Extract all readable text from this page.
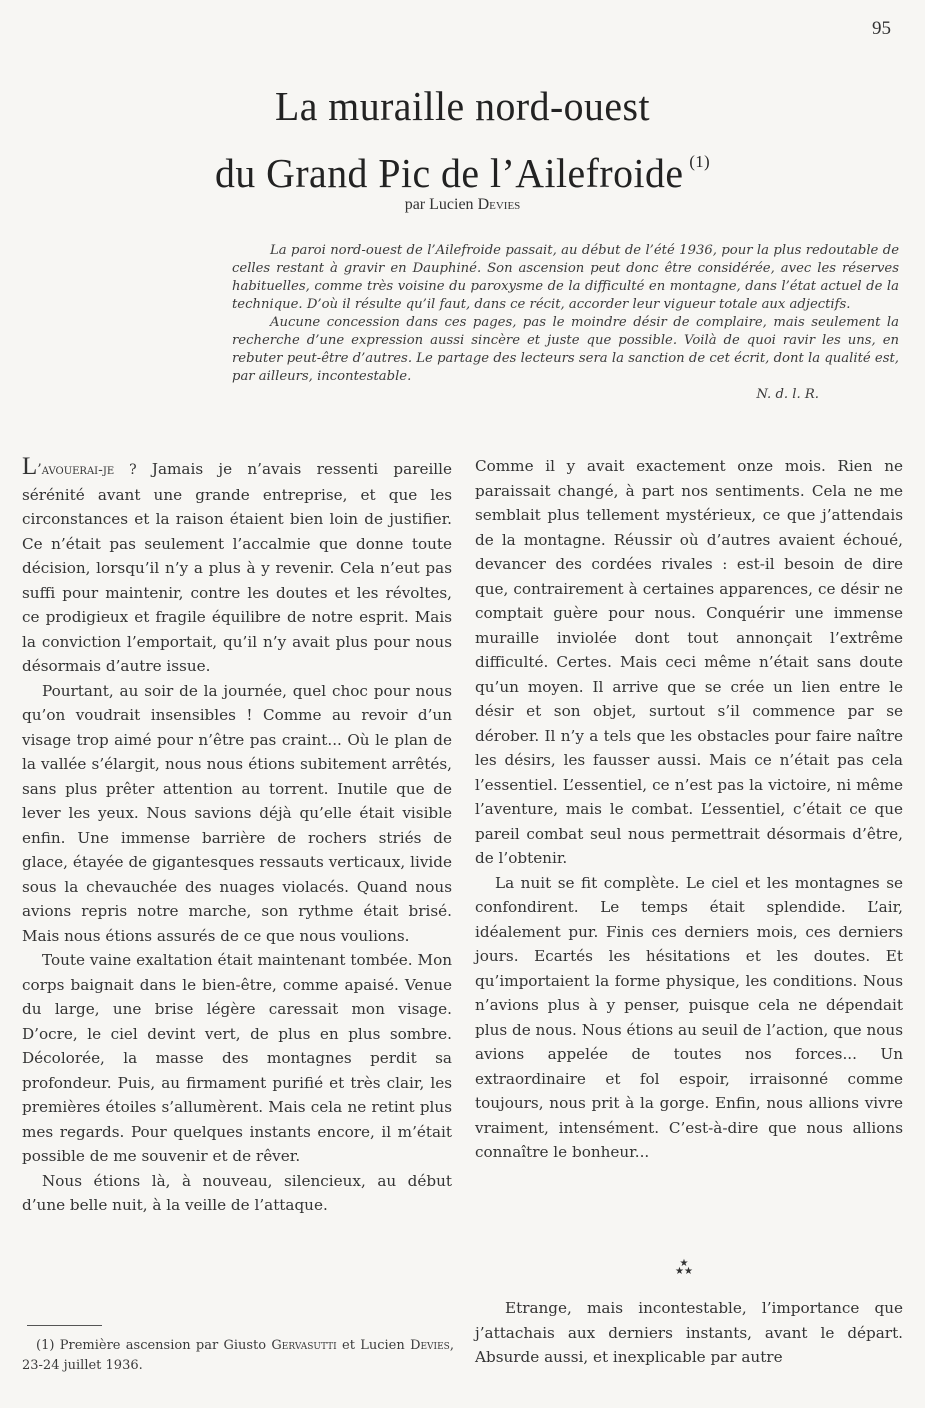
95
La muraille nord-ouest
du Grand Pic de l’Ailefroide $^{(1)}$
par Lucien Devies

La paroi nord-ouest de l’Ailefroide passait, au début de l’été 1936, pour la plus redoutable de celles restant à gravir en Dauphiné. Son ascension peut donc être considérée, avec les réserves habituelles, comme très voisine du paroxysme de la difficulté en montagne, dans l’état actuel de la technique. D’où il résulte qu’il faut, dans ce récit, accorder leur vigueur totale aux adjectifs.

Aucune concession dans ces pages, pas le moindre désir de complaire, mais seulement la recherche d’une expression aussi sincère et juste que possible. Voilà de quoi ravir les uns, en rebuter peut-être d’autres. Le partage des lecteurs sera la sanction de cet écrit, dont la qualité est, par ailleurs, incontestable.

N. d. l. R.

L’avouerai-je ? Jamais je n’avais ressenti pareille sérénité avant une grande entreprise, et que les circonstances et la raison étaient bien loin de justifier. Ce n’était pas seulement l’accalmie que donne toute décision, lorsqu’il n’y a plus à y revenir. Cela n’eut pas suffi pour maintenir, contre les doutes et les révoltes, ce prodigieux et fragile équilibre de notre esprit. Mais la conviction l’emportait, qu’il n’y avait plus pour nous désormais d’autre issue.

Pourtant, au soir de la journée, quel choc pour nous qu’on voudrait insensibles ! Comme au revoir d’un visage trop aimé pour n’être pas craint... Où le plan de la vallée s’élargit, nous nous étions subitement arrêtés, sans plus prêter attention au torrent. Inutile que de lever les yeux. Nous savions déjà qu’elle était visible enfin. Une immense barrière de rochers striés de glace, étayée de gigantesques ressauts verticaux, livide sous la chevauchée des nuages violacés. Quand nous avions repris notre marche, son rythme était brisé. Mais nous étions assurés de ce que nous voulions.

Toute vaine exaltation était maintenant tombée. Mon corps baignait dans le bien-être, comme apaisé. Venue du large, une brise légère caressait mon visage. D’ocre, le ciel devint vert, de plus en plus sombre. Décolorée, la masse des montagnes perdit sa profondeur. Puis, au firmament purifié et très clair, les premières étoiles s’allumèrent. Mais cela ne retint plus mes regards. Pour quelques instants encore, il m’était possible de me souvenir et de rêver.

Nous étions là, à nouveau, silencieux, au début d’une belle nuit, à la veille de l’attaque.

(1) Première ascension par Giusto Gervasutti et Lucien Devies, 23-24 juillet 1936.

Comme il y avait exactement onze mois. Rien ne paraissait changé, à part nos sentiments. Cela ne me semblait plus tellement mystérieux, ce que j’attendais de la montagne. Réussir où d’autres avaient échoué, devancer des cordées rivales : est-il besoin de dire que, contrairement à certaines apparences, ce désir ne comptait guère pour nous. Conquérir une immense muraille inviolée dont tout annonçait l’extrême difficulté. Certes. Mais ceci même n’était sans doute qu’un moyen. Il arrive que se crée un lien entre le désir et son objet, surtout s’il commence par se dérober. Il n’y a tels que les obstacles pour faire naître les désirs, les fausser aussi. Mais ce n’était pas cela l’essentiel. L’essentiel, ce n’est pas la victoire, ni même l’aventure, mais le combat. L’essentiel, c’était ce que pareil combat seul nous permettrait désormais d’être, de l’obtenir.

La nuit se fit complète. Le ciel et les montagnes se confondirent. Le temps était splendide. L’air, idéalement pur. Finis ces derniers mois, ces derniers jours. Ecartés les hésitations et les doutes. Et qu’importaient la forme physique, les conditions. Nous n’avions plus à y penser, puisque cela ne dépendait plus de nous. Nous étions au seuil de l’action, que nous avions appelée de toutes nos forces... Un extraordinaire et fol espoir, irraisonné comme toujours, nous prit à la gorge. Enfin, nous allions vivre vraiment, intensément. C’est-à-dire que nous allions connaître le bonheur...

★
★★

Etrange, mais incontestable, l’importance que j’attachais aux derniers instants, avant le départ. Absurde aussi, et inexplicable par autre
